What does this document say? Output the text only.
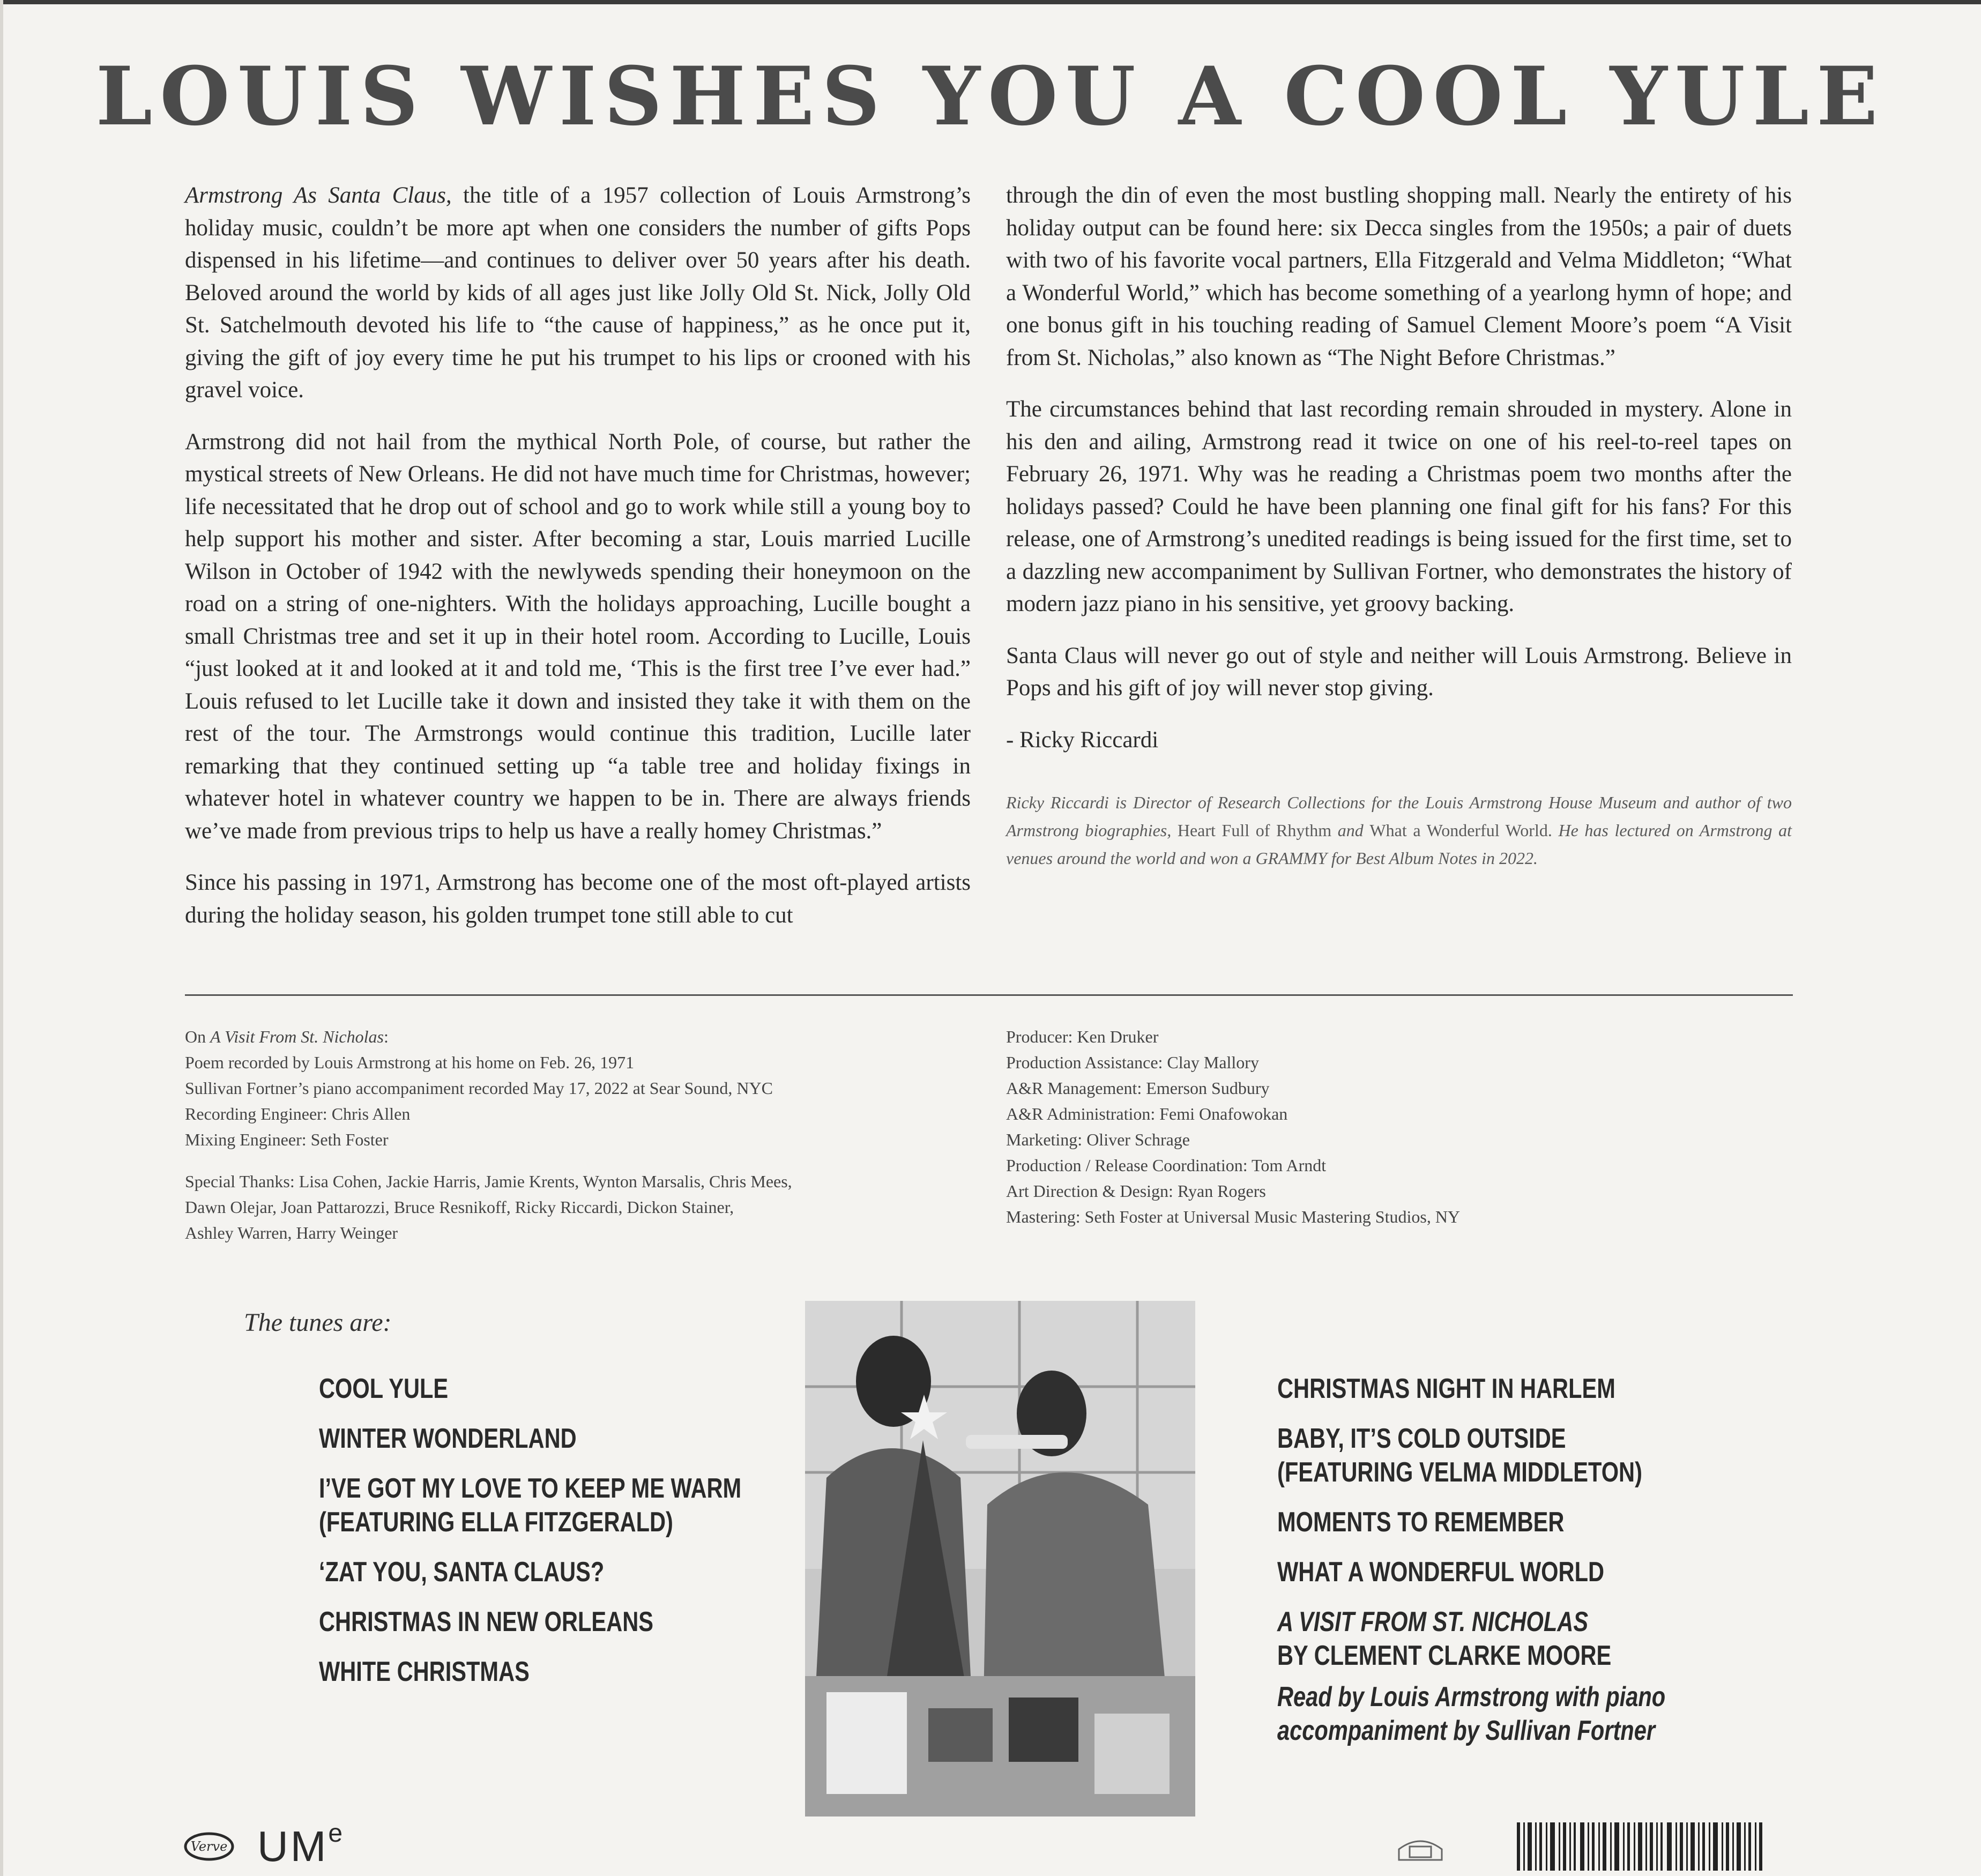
LOUIS WISHES YOU A COOL YULE

Armstrong As Santa Claus, the title of a 1957 collection of Louis Armstrong’s holiday music, couldn’t be more apt when one considers the number of gifts Pops dispensed in his lifetime—and continues to deliver over 50 years after his death. Beloved around the world by kids of all ages just like Jolly Old St. Nick, Jolly Old St. Satchelmouth devoted his life to “the cause of happiness,” as he once put it, giving the gift of joy every time he put his trumpet to his lips or crooned with his gravel voice.

Armstrong did not hail from the mythical North Pole, of course, but rather the mystical streets of New Orleans. He did not have much time for Christmas, however; life necessitated that he drop out of school and go to work while still a young boy to help support his mother and sister. After becoming a star, Louis married Lucille Wilson in October of 1942 with the newlyweds spending their honeymoon on the road on a string of one-nighters. With the holidays approaching, Lucille bought a small Christmas tree and set it up in their hotel room. According to Lucille, Louis “just looked at it and looked at it and told me, ‘This is the first tree I’ve ever had.” Louis refused to let Lucille take it down and insisted they take it with them on the rest of the tour. The Armstrongs would continue this tradition, Lucille later remarking that they continued setting up “a table tree and holiday fixings in whatever hotel in whatever country we happen to be in. There are always friends we’ve made from previous trips to help us have a really homey Christmas.”

Since his passing in 1971, Armstrong has become one of the most oft-played artists during the holiday season, his golden trumpet tone still able to cut

through the din of even the most bustling shopping mall. Nearly the entirety of his holiday output can be found here: six Decca singles from the 1950s; a pair of duets with two of his favorite vocal partners, Ella Fitzgerald and Velma Middleton; “What a Wonderful World,” which has become something of a yearlong hymn of hope; and one bonus gift in his touching reading of Samuel Clement Moore’s poem “A Visit from St. Nicholas,” also known as “The Night Before Christmas.”

The circumstances behind that last recording remain shrouded in mystery. Alone in his den and ailing, Armstrong read it twice on one of his reel-to-reel tapes on February 26, 1971. Why was he reading a Christmas poem two months after the holidays passed? Could he have been planning one final gift for his fans? For this release, one of Armstrong’s unedited readings is being issued for the first time, set to a dazzling new accompaniment by Sullivan Fortner, who demonstrates the history of modern jazz piano in his sensitive, yet groovy backing.

Santa Claus will never go out of style and neither will Louis Armstrong. Believe in Pops and his gift of joy will never stop giving.

- Ricky Riccardi
Ricky Riccardi is Director of Research Collections for the Louis Armstrong House Museum and author of two Armstrong biographies, Heart Full of Rhythm and What a Wonderful World. He has lectured on Armstrong at venues around the world and won a GRAMMY for Best Album Notes in 2022.
On A Visit From St. Nicholas:
Poem recorded by Louis Armstrong at his home on Feb. 26, 1971
Sullivan Fortner’s piano accompaniment recorded May 17, 2022 at Sear Sound, NYC
Recording Engineer: Chris Allen
Mixing Engineer: Seth Foster
Special Thanks: Lisa Cohen, Jackie Harris, Jamie Krents, Wynton Marsalis, Chris Mees,
Dawn Olejar, Joan Pattarozzi, Bruce Resnikoff, Ricky Riccardi, Dickon Stainer,
Ashley Warren, Harry Weinger
Producer: Ken Druker
Production Assistance: Clay Mallory
A&R Management: Emerson Sudbury
A&R Administration: Femi Onafowokan
Marketing: Oliver Schrage
Production / Release Coordination: Tom Arndt
Art Direction & Design: Ryan Rogers
Mastering: Seth Foster at Universal Music Mastering Studios, NY
The tunes are:
COOL YULE
WINTER WONDERLAND
I’VE GOT MY LOVE TO KEEP ME WARM
(FEATURING ELLA FITZGERALD)
‘ZAT YOU, SANTA CLAUS?
CHRISTMAS IN NEW ORLEANS
WHITE CHRISTMAS
CHRISTMAS NIGHT IN HARLEM
BABY, IT’S COLD OUTSIDE
(FEATURING VELMA MIDDLETON)
MOMENTS TO REMEMBER
WHAT A WONDERFUL WORLD
A VISIT FROM ST. NICHOLAS
BY CLEMENT CLARKE MOORE
Read by Louis Armstrong with piano
accompaniment by Sullivan Fortner
Verve $UM^e$
